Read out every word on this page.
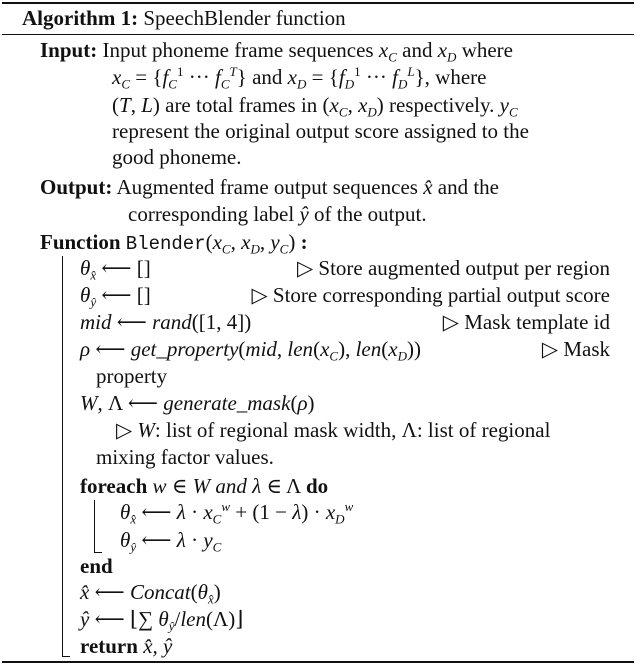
Algorithm 1: SpeechBlender function
Input: Input phoneme frame sequences $x_C$ and $x_D$ where
$x_C = \{f_C^1$ ··· $f_C^T$} and $x_D = \{f_D^1$ ··· $f_D^L$}, where
(T, L) are total frames in ($x_C$, $x_D$) respectively. $y_C$
represent the original output score assigned to the
good phoneme.
Output: Augmented frame output sequences x̂ and the
corresponding label ŷ of the output.
Function $Blender(x_C$, $x_D$, $y_C$) :
$\theta_{x̂}$ ⟵ []	▷ Store augmented output per region
$\theta_ŷ$ ⟵ []	▷ Store corresponding partial output score
mid ⟵ rand([1, 4])	▷ Mask template id
ρ ⟵ get_property(mid, $len(x_C)$, $len(x_D)$)	▷ Mask
property
W, Λ ⟵ generate_mask(ρ)
▷ W: list of regional mask width, Λ: list of regional
mixing factor values.
foreach w ∈ W and λ ∈ Λ do
$\theta_{x̂}$ ⟵ $\lambda \cdot x_C^w + (1 - \lambda) \cdot x_D^w$
$\theta_ŷ$ ⟵ $\lambda \cdot y_C$
end
x̂ ⟵ $Concat(\theta_{x̂})$
ŷ ⟵ ⌊∑ $\theta_ŷ/len(\Lambda)⌋$
return x̂, ŷ
